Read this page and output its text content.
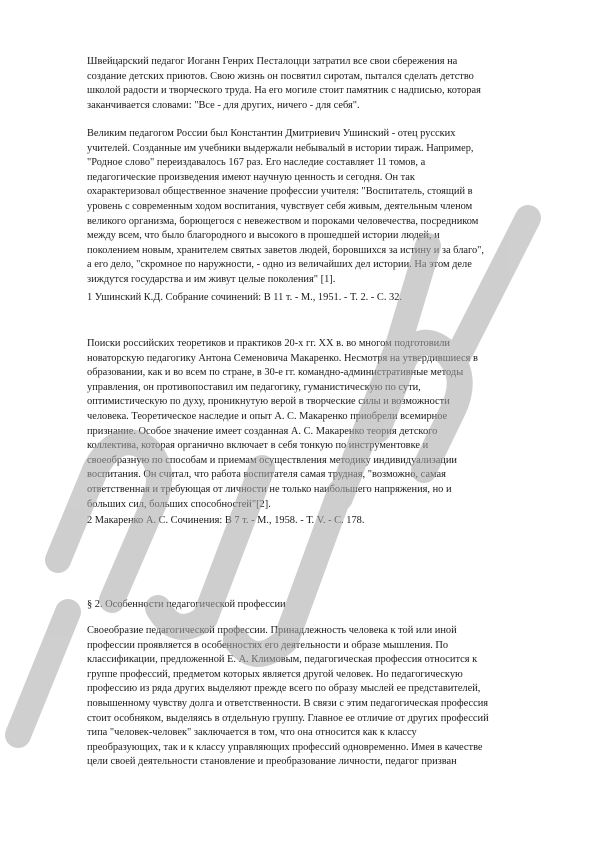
Швейцарский педагог Иоганн Генрих Песталоцци затратил все свои сбережения на

создание детских приютов. Свою жизнь он посвятил сиротам, пытался сделать детство

школой радости и творческого труда. На его могиле стоит памятник с надписью, которая

заканчивается словами: "Все - для других, ничего - для себя".

Великим педагогом России был Константин Дмитриевич Ушинский - отец русских

учителей. Созданные им учебники выдержали небывалый в истории тираж. Например,

"Родное слово" переиздавалось 167 раз. Его наследие составляет 11 томов, а

педагогические произведения имеют научную ценность и сегодня. Он так

охарактеризовал общественное значение профессии учителя: "Воспитатель, стоящий в

уровень с современным ходом воспитания, чувствует себя живым, деятельным членом

великого организма, борющегося с невежеством и пороками человечества, посредником

между всем, что было благородного и высокого в прошедшей истории людей, и

поколением новым, хранителем святых заветов людей, боровшихся за истину и за благо",

а его дело, "скромное по наружности, - одно из величайших дел истории. На этом деле

зиждутся государства и им живут целые поколения" [1].

1 Ушинский К.Д. Собрание сочинений: В 11 т. - М., 1951. - Т. 2. - С. 32.

Поиски российских теоретиков и практиков 20-х гг. XX в. во многом подготовили

новаторскую педагогику Антона Семеновича Макаренко. Несмотря на утвердившиеся в

образовании, как и во всем по стране, в 30-е гг. командно-административные методы

управления, он противопоставил им педагогику, гуманистическую по сути,

оптимистическую по духу, проникнутую верой в творческие силы и возможности

человека. Теоретическое наследие и опыт А. С. Макаренко приобрели всемирное

признание. Особое значение имеет созданная А. С. Макаренко теория детского

коллектива, которая органично включает в себя тонкую по инструментовке и

своеобразную по способам и приемам осуществления методику индивидуализации

воспитания. Он считал, что работа воспитателя самая трудная, "возможно, самая

ответственная и требующая от личности не только наибольшего напряжения, но и

больших сил, больших способностей"[2].

2 Макаренко А. С. Сочинения: В 7 т. - М., 1958. - Т. V. - С. 178.
§ 2. Особенности педагогической профессии

Своеобразие педагогической профессии. Принадлежность человека к той или иной

профессии проявляется в особенностях его деятельности и образе мышления. По

классификации, предложенной Е. А. Климовым, педагогическая профессия относится к

группе профессий, предметом которых является другой человек. Но педагогическую

профессию из ряда других выделяют прежде всего по образу мыслей ее представителей,

повышенному чувству долга и ответственности. В связи с этим педагогическая профессия

стоит особняком, выделяясь в отдельную группу. Главное ее отличие от других профессий

типа "человек-человек" заключается в том, что она относится как к классу

преобразующих, так и к классу управляющих профессий одновременно. Имея в качестве

цели своей деятельности становление и преобразование личности, педагог призван
